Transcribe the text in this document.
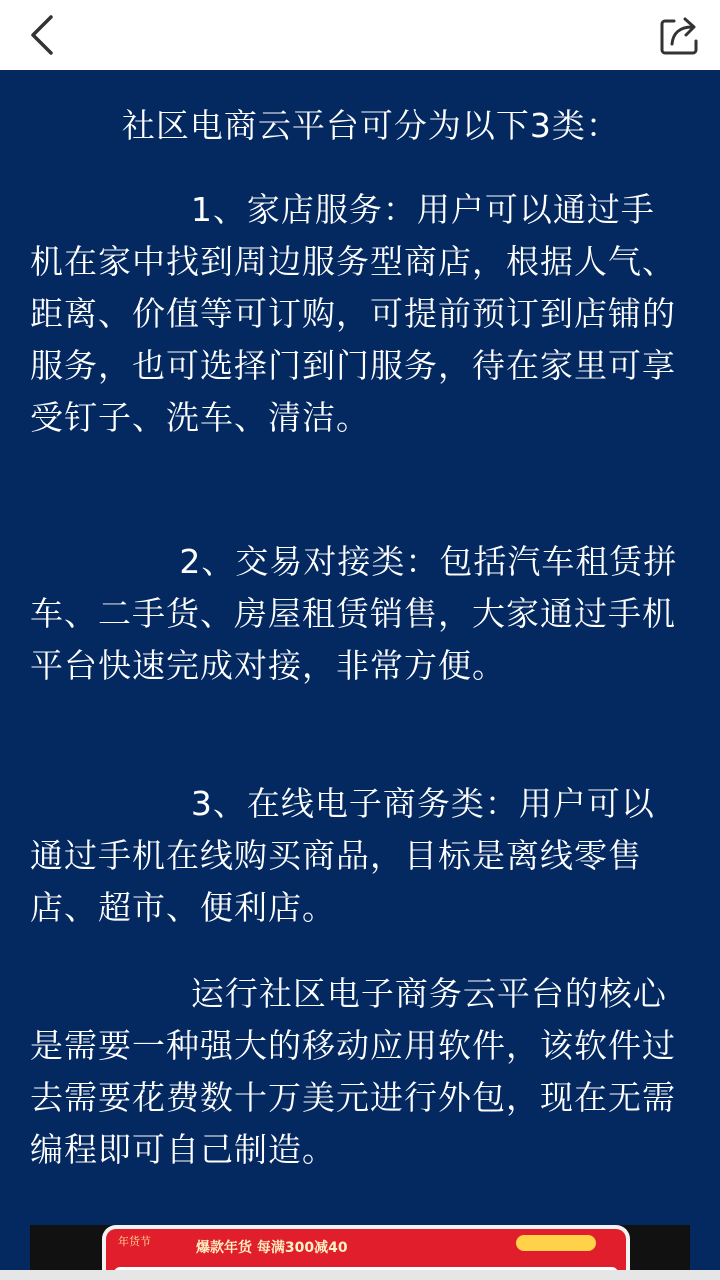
社区电商云平台可分为以下3类：
1、家店服务：用户可以通过手机在家中找到周边服务型商店，根据人气、距离、价值等可订购，可提前预订到店铺的服务，也可选择门到门服务，待在家里可享受钉子、洗车、清洁。
2、交易对接类：包括汽车租赁拼车、二手货、房屋租赁销售，大家通过手机平台快速完成对接，非常方便。
3、在线电子商务类：用户可以通过手机在线购买商品，目标是离线零售店、超市、便利店。
运行社区电子商务云平台的核心是需要一种强大的移动应用软件，该软件过去需要花费数十万美元进行外包，现在无需编程即可自己制造。
年货节	爆款年货 每满300减40
